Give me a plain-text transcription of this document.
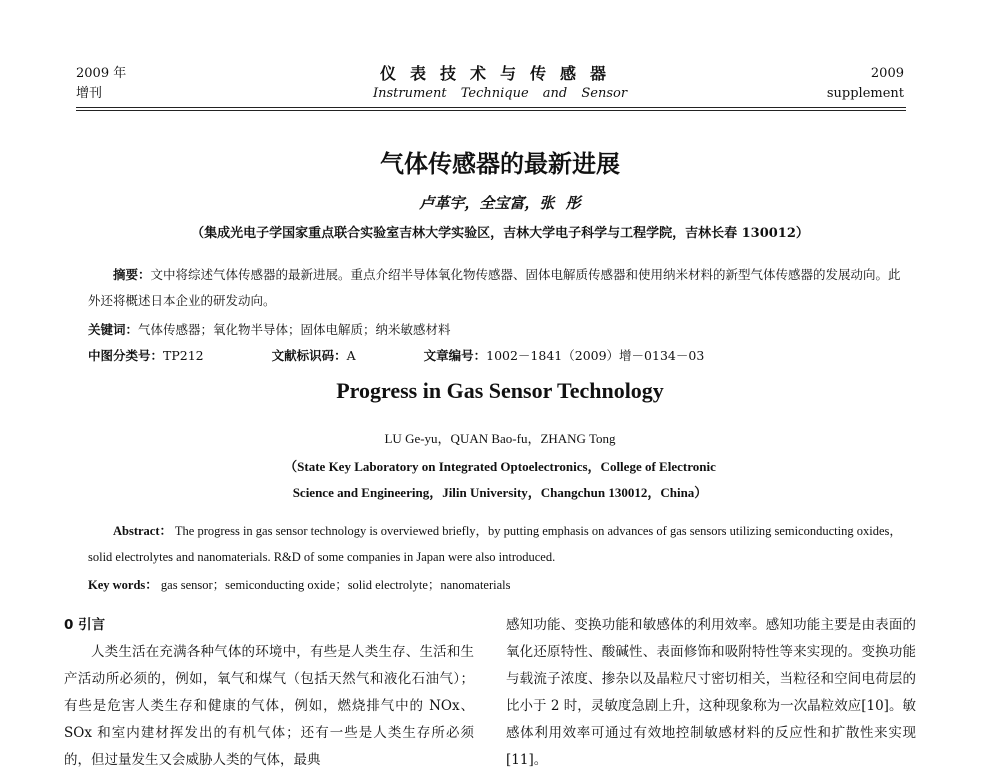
2009 年
增刊
仪表技术与传感器
Instrument Technique and Sensor
2009
supplement
气体传感器的最新进展
卢革宇，全宝富，张 彤
（集成光电子学国家重点联合实验室吉林大学实验区，吉林大学电子科学与工程学院，吉林长春 130012）
摘要：文中将综述气体传感器的最新进展。重点介绍半导体氧化物传感器、固体电解质传感器和使用纳米材料的新型气体传感器的发展动向。此外还将概述日本企业的研发动向。
关键词：气体传感器；氧化物半导体；固体电解质；纳米敏感材料
中图分类号：TP212	文献标识码：A	文章编号：1002－1841（2009）增－0134－03
Progress in Gas Sensor Technology
LU Ge-yu，QUAN Bao-fu，ZHANG Tong
（State Key Laboratory on Integrated Optoelectronics，College of Electronic
Science and Engineering，Jilin University，Changchun 130012，China）
Abstract： The progress in gas sensor technology is overviewed briefly，by putting emphasis on advances of gas sensors utilizing semiconducting oxides，solid electrolytes and nanomaterials. R&D of some companies in Japan were also introduced.
Key words： gas sensor；semiconducting oxide；solid electrolyte；nanomaterials

0 引言

人类生活在充满各种气体的环境中，有些是人类生存、生活和生产活动所必须的，例如，氧气和煤气（包括天然气和液化石油气）；有些是危害人类生存和健康的气体，例如，燃烧排气中的 NOx、SOx 和室内建材挥发出的有机气体；还有一些是人类生存所必须的，但过量发生又会威胁人类的气体，最典

感知功能、变换功能和敏感体的利用效率。感知功能主要是由表面的氧化还原特性、酸碱性、表面修饰和吸附特性等来实现的。变换功能与载流子浓度、掺杂以及晶粒尺寸密切相关，当粒径和空间电荷层的比小于 2 时，灵敏度急剧上升，这种现象称为一次晶粒效应[10]。敏感体利用效率可通过有效地控制敏感材料的反应性和扩散性来实现[11]。
